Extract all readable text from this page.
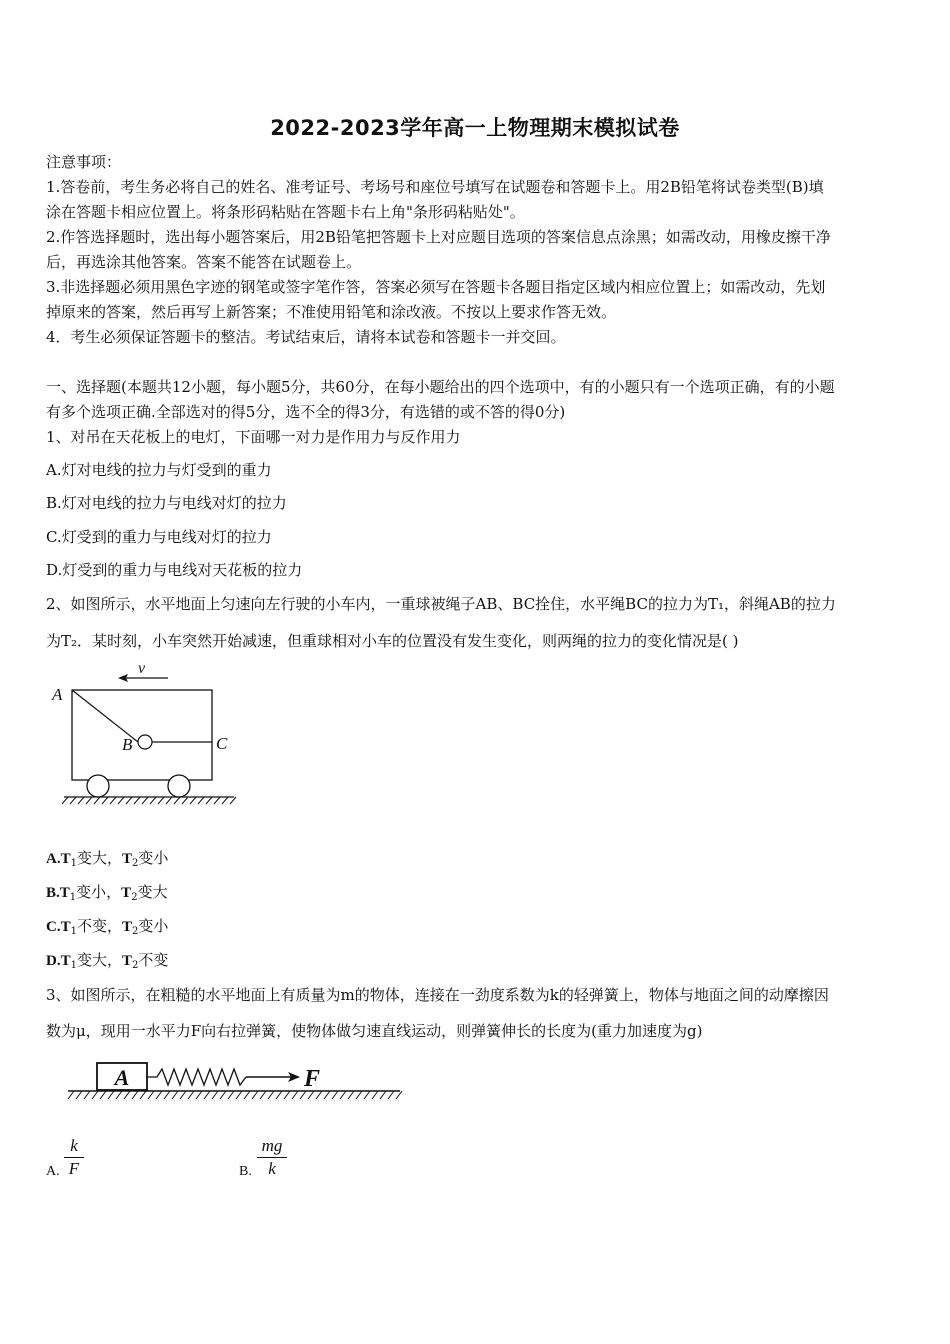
2022-2023学年高一上物理期末模拟试卷
注意事项：
1.答卷前，考生务必将自己的姓名、准考证号、考场号和座位号填写在试题卷和答题卡上。用2B铅笔将试卷类型(B)填
涂在答题卡相应位置上。将条形码粘贴在答题卡右上角"条形码粘贴处"。
2.作答选择题时，选出每小题答案后，用2B铅笔把答题卡上对应题目选项的答案信息点涂黑；如需改动，用橡皮擦干净
后，再选涂其他答案。答案不能答在试题卷上。
3.非选择题必须用黑色字迹的钢笔或签字笔作答，答案必须写在答题卡各题目指定区域内相应位置上；如需改动，先划
掉原来的答案，然后再写上新答案；不准使用铅笔和涂改液。不按以上要求作答无效。
4．考生必须保证答题卡的整洁。考试结束后，请将本试卷和答题卡一并交回。
一、选择题(本题共12小题，每小题5分，共60分，在每小题给出的四个选项中，有的小题只有一个选项正确，有的小题
有多个选项正确.全部选对的得5分，选不全的得3分，有选错的或不答的得0分)
1、对吊在天花板上的电灯，下面哪一对力是作用力与反作用力
A.灯对电线的拉力与灯受到的重力
B.灯对电线的拉力与电线对灯的拉力
C.灯受到的重力与电线对灯的拉力
D.灯受到的重力与电线对天花板的拉力
2、如图所示，水平地面上匀速向左行驶的小车内，一重球被绳子AB、BC拴住，水平绳BC的拉力为T₁，斜绳AB的拉力
为T₂．某时刻，小车突然开始减速，但重球相对小车的位置没有发生变化，则两绳的拉力的变化情况是( )
v
A
B	C
$A.T_1$变大，$T_2$变小
$B.T_1$变小，$T_2$变大
$C.T_1$不变，$T_2$变小
$D.T_1$变大，$T_2$不变
3、如图所示，在粗糙的水平地面上有质量为m的物体，连接在一劲度系数为k的轻弹簧上，物体与地面之间的动摩擦因
数为μ，现用一水平力F向右拉弹簧，使物体做匀速直线运动，则弹簧伸长的长度为(重力加速度为g)
A	F
A.
k
F	B.
mg
k
